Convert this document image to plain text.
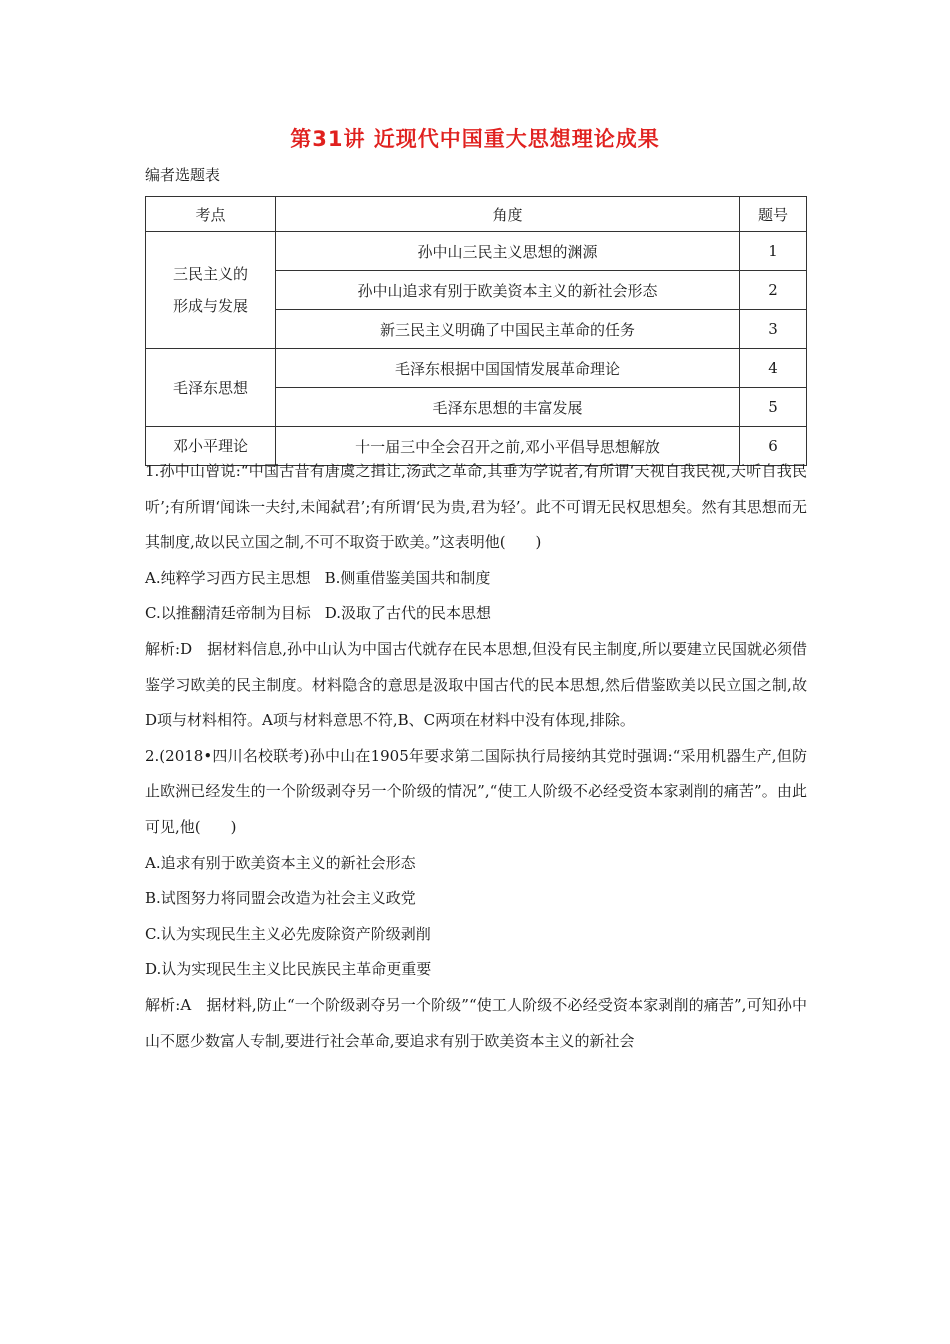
第31讲 近现代中国重大思想理论成果
编者选题表
考点	角度	题号

三民主义的
形成与发展	孙中山三民主义思想的渊源	1
	孙中山追求有别于欧美资本主义的新社会形态	2
	新三民主义明确了中国民主革命的任务	3
毛泽东思想	毛泽东根据中国国情发展革命理论	4
	毛泽东思想的丰富发展	5
邓小平理论	十一届三中全会召开之前,邓小平倡导思想解放	6

1.孙中山曾说:“中国古昔有唐虞之揖让,汤武之革命,其垂为学说者,有所谓‘天视自我民视,天听自我民听’;有所谓‘闻诛一夫纣,未闻弑君’;有所谓‘民为贵,君为轻’。此不可谓无民权思想矣。然有其思想而无其制度,故以民立国之制,不可不取资于欧美。”这表明他(　　)

A.纯粹学习西方民主思想 B.侧重借鉴美国共和制度

C.以推翻清廷帝制为目标 D.汲取了古代的民本思想

解析:D　据材料信息,孙中山认为中国古代就存在民本思想,但没有民主制度,所以要建立民国就必须借鉴学习欧美的民主制度。材料隐含的意思是汲取中国古代的民本思想,然后借鉴欧美以民立国之制,故D项与材料相符。A项与材料意思不符,B、C两项在材料中没有体现,排除。

2.(2018•四川名校联考)孙中山在1905年要求第二国际执行局接纳其党时强调:“采用机器生产,但防止欧洲已经发生的一个阶级剥夺另一个阶级的情况”,“使工人阶级不必经受资本家剥削的痛苦”。由此可见,他(　　)

A.追求有别于欧美资本主义的新社会形态

B.试图努力将同盟会改造为社会主义政党

C.认为实现民生主义必先废除资产阶级剥削

D.认为实现民生主义比民族民主革命更重要

解析:A　据材料,防止“一个阶级剥夺另一个阶级”“使工人阶级不必经受资本家剥削的痛苦”,可知孙中山不愿少数富人专制,要进行社会革命,要追求有别于欧美资本主义的新社会
